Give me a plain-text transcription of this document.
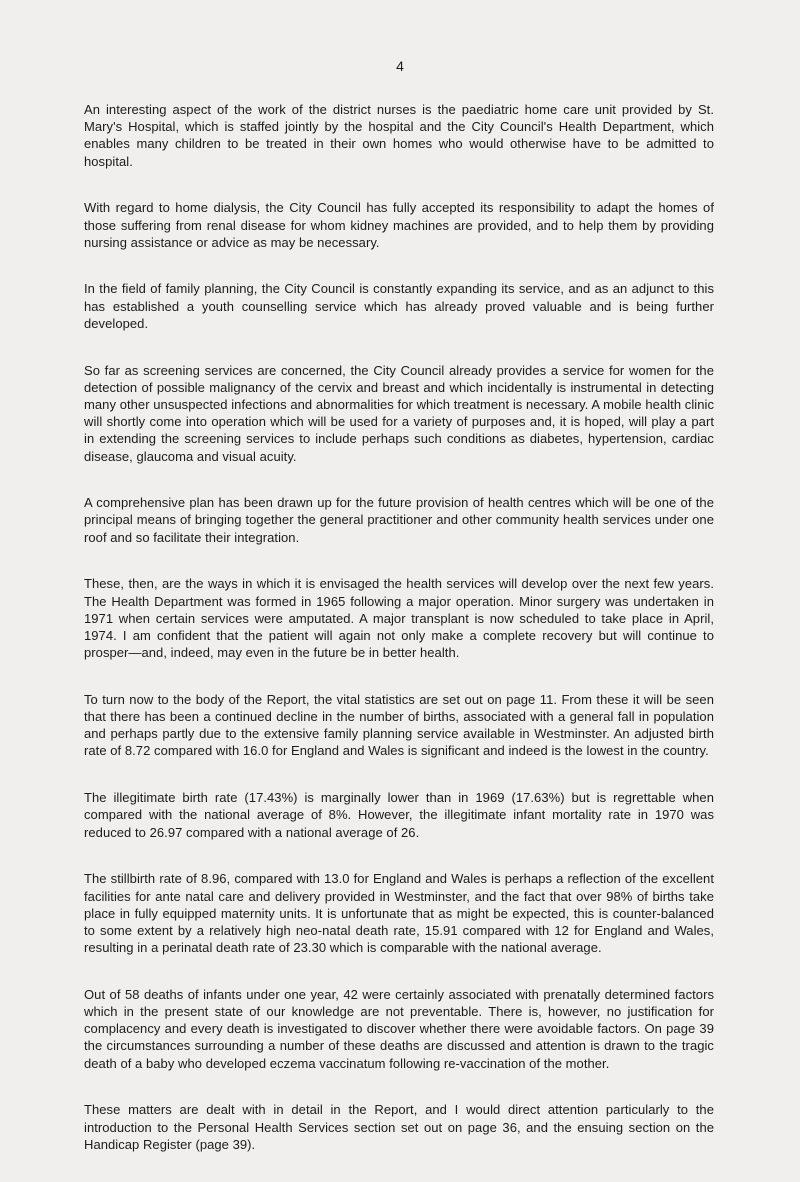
4

An interesting aspect of the work of the district nurses is the paediatric home care unit provided by St. Mary's Hospital, which is staffed jointly by the hospital and the City Council's Health Department, which enables many children to be treated in their own homes who would otherwise have to be admitted to hospital.

With regard to home dialysis, the City Council has fully accepted its responsibility to adapt the homes of those suffering from renal disease for whom kidney machines are provided, and to help them by providing nursing assistance or advice as may be necessary.

In the field of family planning, the City Council is constantly expanding its service, and as an adjunct to this has established a youth counselling service which has already proved valuable and is being further developed.

So far as screening services are concerned, the City Council already provides a service for women for the detection of possible malignancy of the cervix and breast and which incidentally is instrumental in detecting many other unsuspected infections and abnormalities for which treatment is necessary. A mobile health clinic will shortly come into operation which will be used for a variety of purposes and, it is hoped, will play a part in extending the screening services to include perhaps such conditions as diabetes, hypertension, cardiac disease, glaucoma and visual acuity.

A comprehensive plan has been drawn up for the future provision of health centres which will be one of the principal means of bringing together the general practitioner and other community health services under one roof and so facilitate their integration.

These, then, are the ways in which it is envisaged the health services will develop over the next few years. The Health Department was formed in 1965 following a major operation. Minor surgery was undertaken in 1971 when certain services were amputated. A major transplant is now scheduled to take place in April, 1974. I am confident that the patient will again not only make a complete recovery but will continue to prosper—and, indeed, may even in the future be in better health.

To turn now to the body of the Report, the vital statistics are set out on page 11. From these it will be seen that there has been a continued decline in the number of births, associated with a general fall in population and perhaps partly due to the extensive family planning service available in Westminster. An adjusted birth rate of 8.72 compared with 16.0 for England and Wales is significant and indeed is the lowest in the country.

The illegitimate birth rate (17.43%) is marginally lower than in 1969 (17.63%) but is regrettable when compared with the national average of 8%. However, the illegitimate infant mortality rate in 1970 was reduced to 26.97 compared with a national average of 26.

The stillbirth rate of 8.96, compared with 13.0 for England and Wales is perhaps a reflection of the excellent facilities for ante natal care and delivery provided in Westminster, and the fact that over 98% of births take place in fully equipped maternity units. It is unfortunate that as might be expected, this is counter-balanced to some extent by a relatively high neo-natal death rate, 15.91 compared with 12 for England and Wales, resulting in a perinatal death rate of 23.30 which is comparable with the national average.

Out of 58 deaths of infants under one year, 42 were certainly associated with prenatally determined factors which in the present state of our knowledge are not preventable. There is, however, no justification for complacency and every death is investigated to discover whether there were avoidable factors. On page 39 the circumstances surrounding a number of these deaths are discussed and attention is drawn to the tragic death of a baby who developed eczema vaccinatum following re-vaccination of the mother.

These matters are dealt with in detail in the Report, and I would direct attention particularly to the introduction to the Personal Health Services section set out on page 36, and the ensuing section on the Handicap Register (page 39).
